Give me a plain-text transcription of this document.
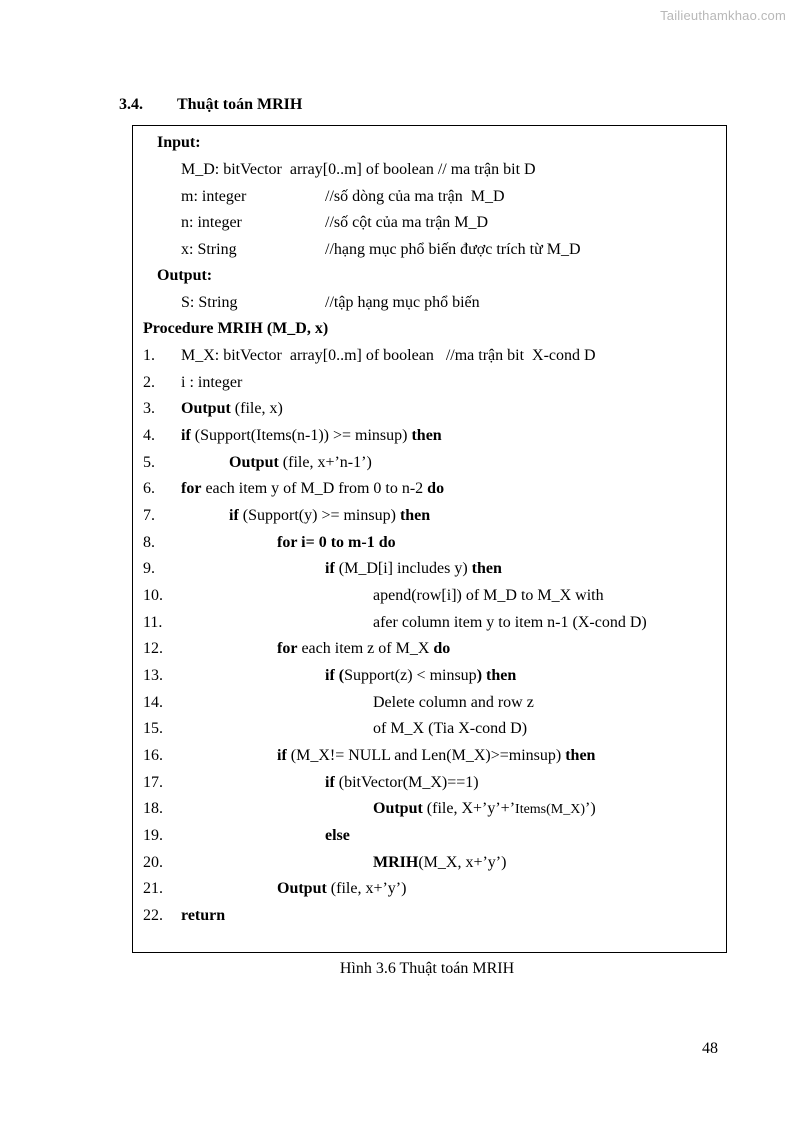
Tailieuthamkhao.com
3.4. Thuật toán MRIH
Input:
M_D: bitVector  array[0..m] of boolean // ma trận bit D
m: integer	//số dòng của ma trận  M_D
n: integer	//số cột của ma trận M_D
x: String	//hạng mục phổ biến được trích từ M_D
Output:
S: String	//tập hạng mục phổ biến
Procedure MRIH (M_D, x)
1. M_X: bitVector  array[0..m] of boolean   //ma trận bit  X-cond D
2. i : integer
3. Output (file, x)
4. if (Support(Items(n-1)) >= minsup) then
5.	Output (file, x+’n-1’)
6. for each item y of M_D from 0 to n-2 do
7.	if (Support(y) >= minsup) then
8.	for i= 0 to m-1 do
9.	if (M_D[i] includes y) then
10.	apend(row[i]) of M_D to M_X with
11.	afer column item y to item n-1 (X-cond D)
12.	for each item z of M_X do
13.	if (Support(z) < minsup) then
14.	Delete column and row z
15.	of M_X (Tia X-cond D)
16.	if (M_X!= NULL and Len(M_X)>=minsup) then
17.	if (bitVector(M_X)==1)
18.	Output (file, X+’y’+’Items(M_X)’)
19.	else
20.	MRIH(M_X, x+’y’)
21.	Output (file, x+’y’)
22. return
Hình 3.6 Thuật toán MRIH
48
